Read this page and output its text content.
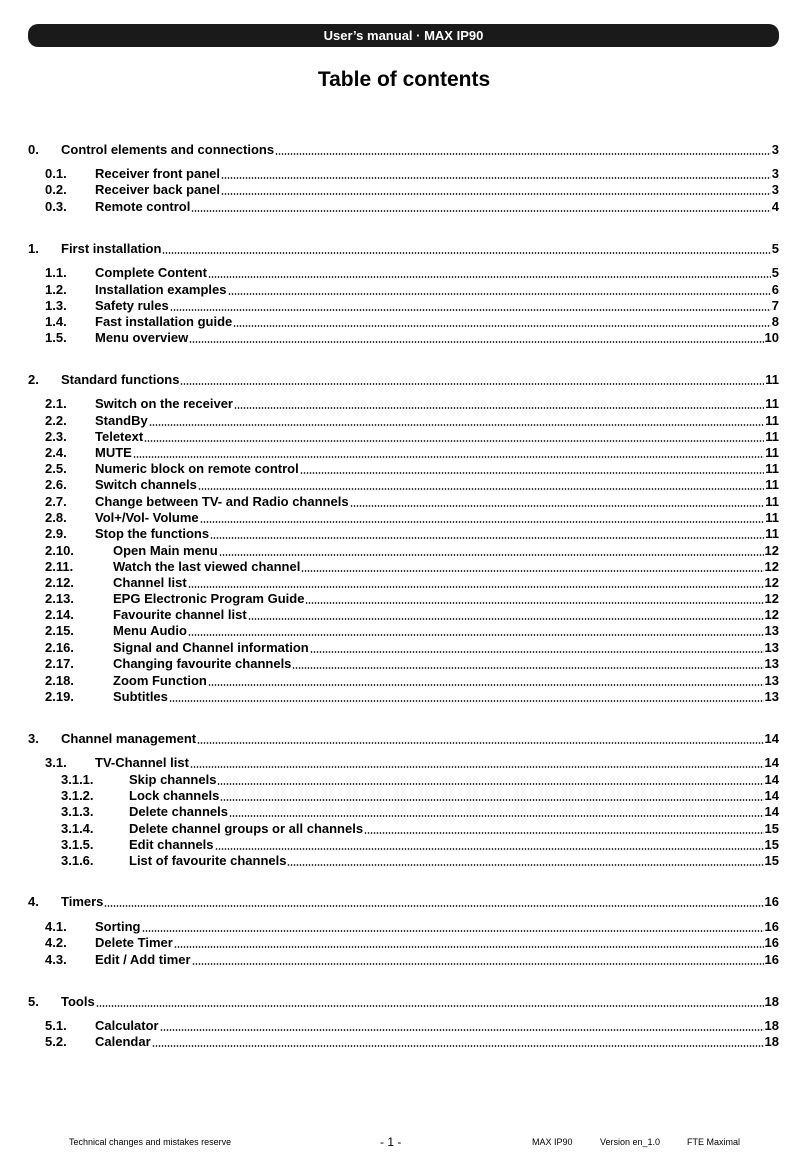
User’s manual · MAX IP90
Table of contents
0.	Control elements and connections	3
0.1.	Receiver front panel	3
0.2.	Receiver back panel	3
0.3.	Remote control	4
1.	First installation	5
1.1.	Complete Content	5
1.2.	Installation examples	6
1.3.	Safety rules	7
1.4.	Fast installation guide	8
1.5.	Menu overview	10
2.	Standard functions	11
2.1.	Switch on the receiver	11
2.2.	StandBy	11
2.3.	Teletext	11
2.4.	MUTE	11
2.5.	Numeric block on remote control	11
2.6.	Switch channels	11
2.7.	Change between TV- and Radio channels	11
2.8.	Vol+/Vol- Volume	11
2.9.	Stop the functions	11
2.10.	Open Main menu	12
2.11.	Watch the last viewed channel	12
2.12.	Channel list	12
2.13.	EPG Electronic Program Guide	12
2.14.	Favourite channel list	12
2.15.	Menu Audio	13
2.16.	Signal and Channel information	13
2.17.	Changing favourite channels	13
2.18.	Zoom Function	13
2.19.	Subtitles	13
3.	Channel management	14
3.1.	TV-Channel list	14
3.1.1.	Skip channels	14
3.1.2.	Lock channels	14
3.1.3.	Delete channels	14
3.1.4.	Delete channel groups or all channels	15
3.1.5.	Edit channels	15
3.1.6.	List of favourite channels	15
4.	Timers	16
4.1.	Sorting	16
4.2.	Delete Timer	16
4.3.	Edit / Add timer	16
5.	Tools	18
5.1.	Calculator	18
5.2.	Calendar	18
Technical changes and mistakes reserve	- 1 -	MAX IP90	Version en_1.0	FTE Maximal
